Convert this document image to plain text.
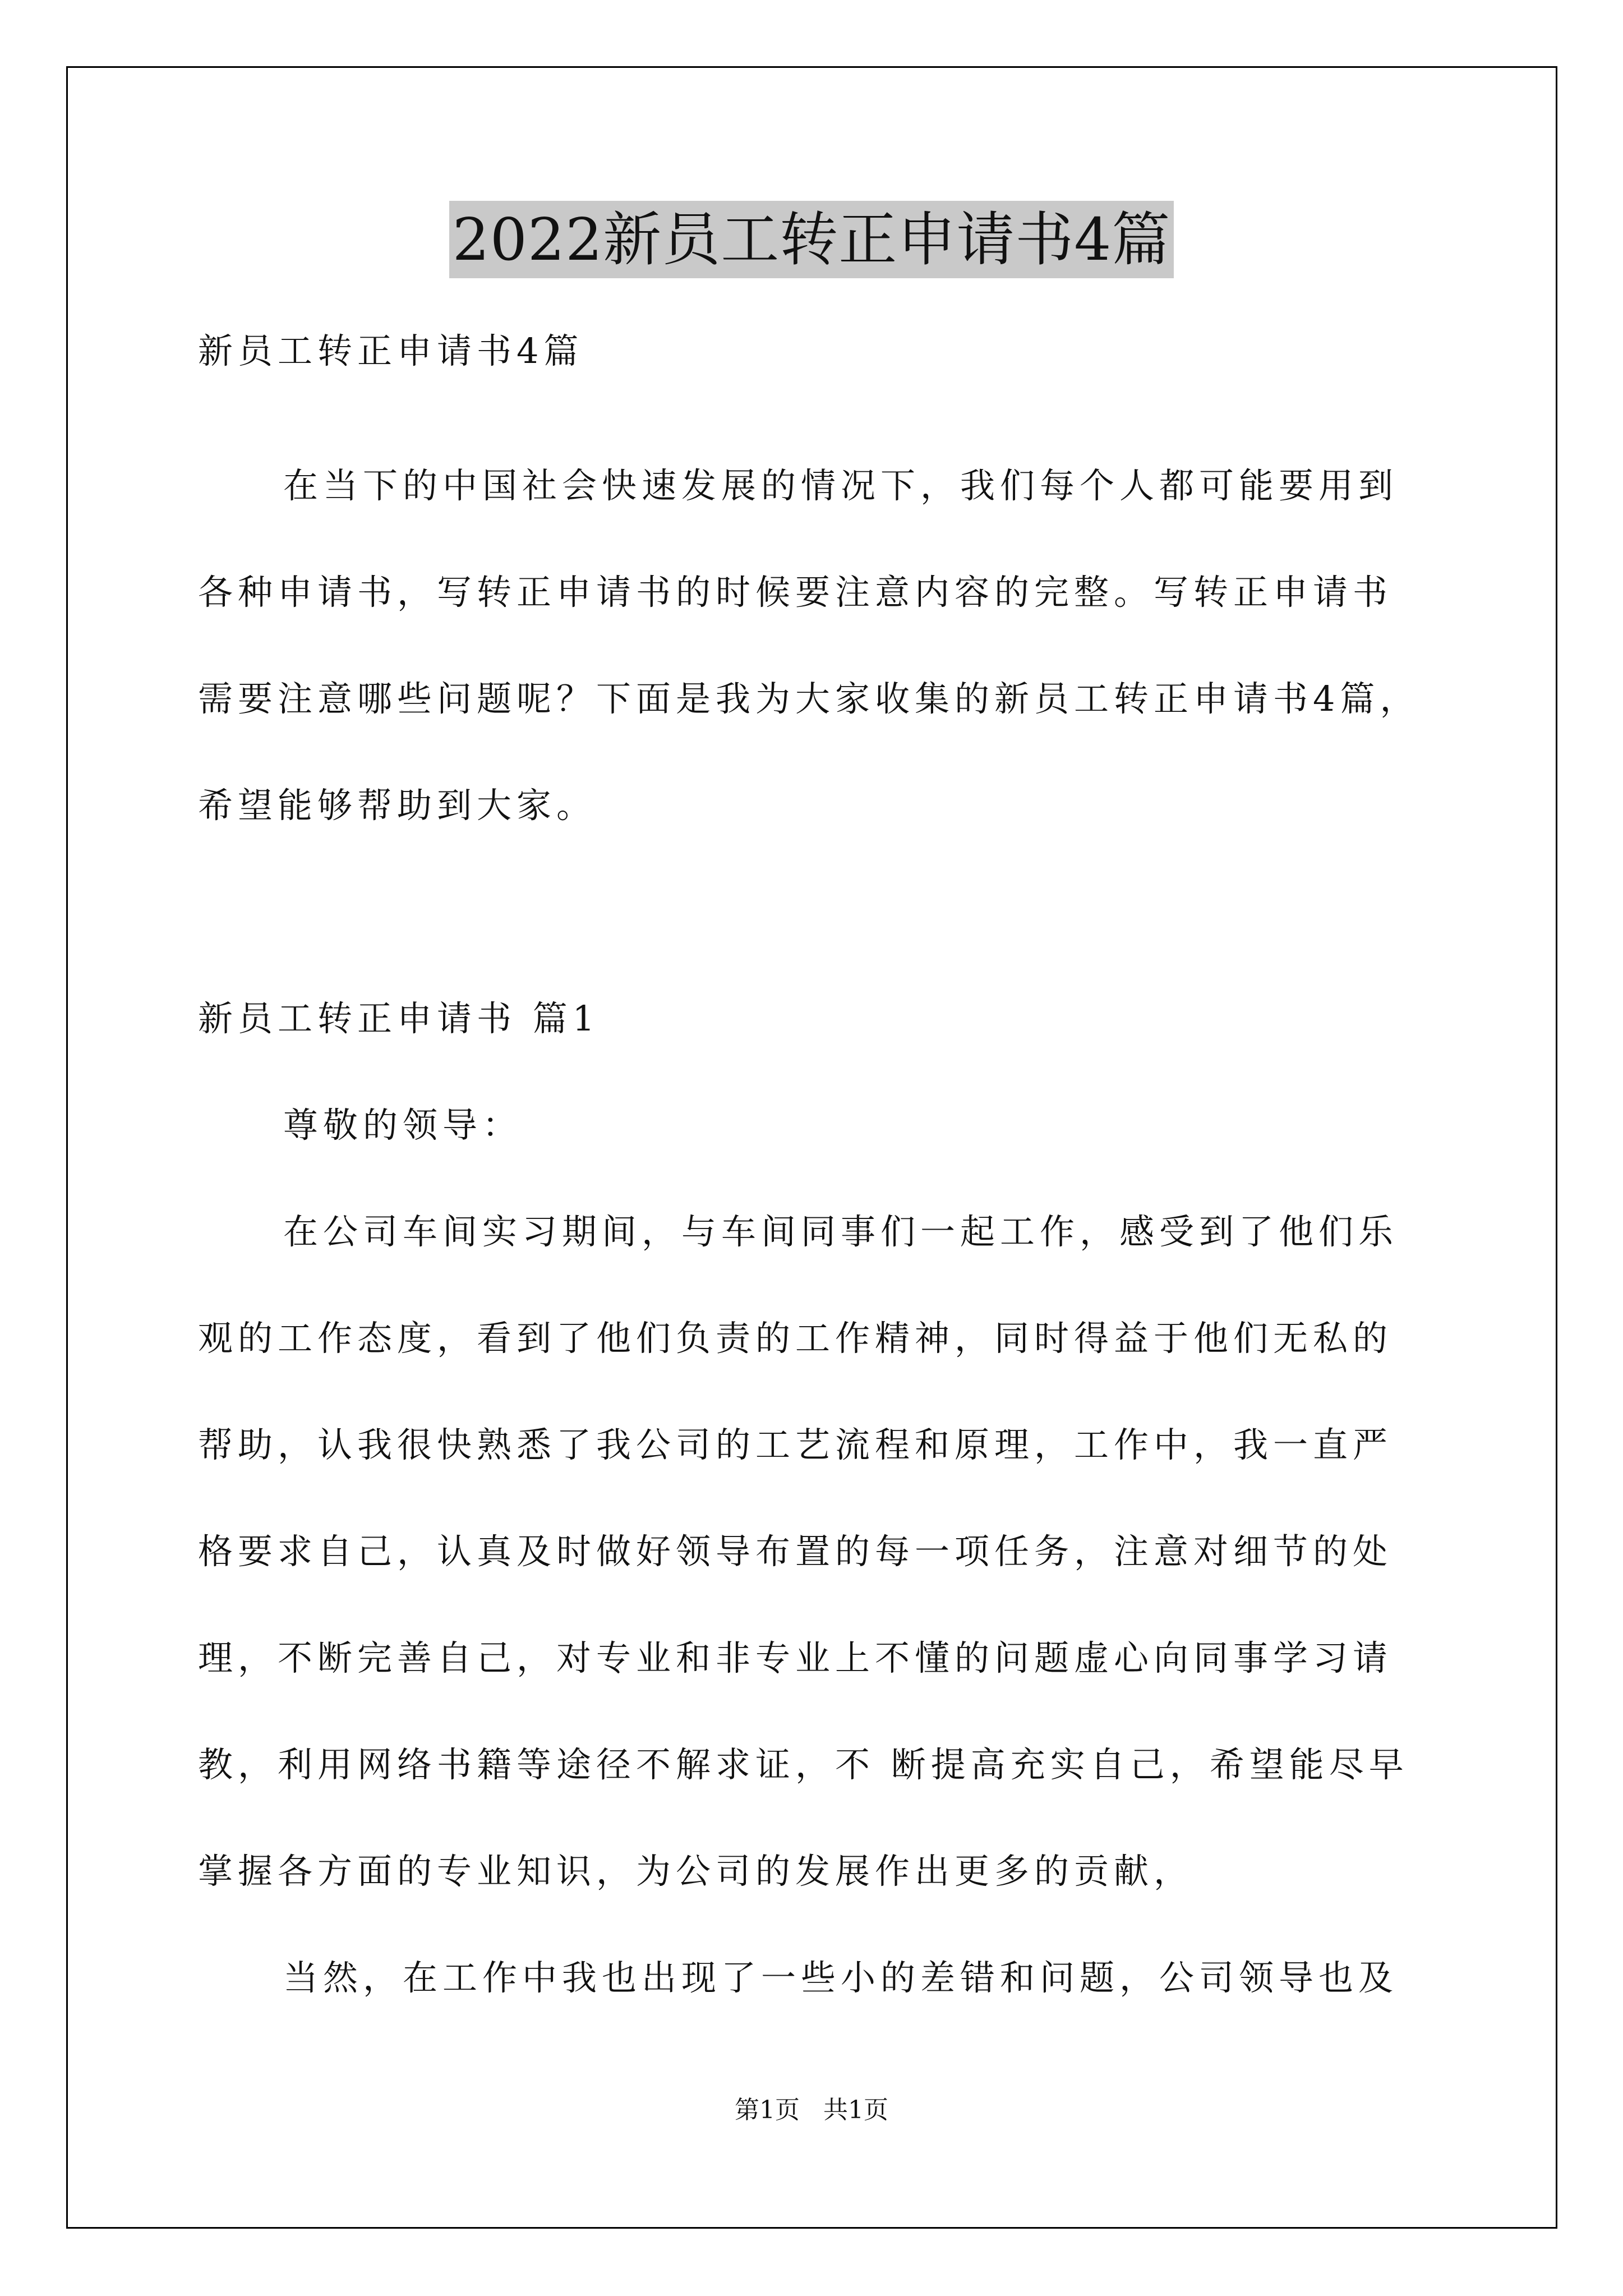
2022新员工转正申请书4篇
新员工转正申请书4篇
在当下的中国社会快速发展的情况下，我们每个人都可能要用到
各种申请书，写转正申请书的时候要注意内容的完整。写转正申请书
需要注意哪些问题呢？下面是我为大家收集的新员工转正申请书4篇，
希望能够帮助到大家。
新员工转正申请书 篇1
尊敬的领导：
在公司车间实习期间，与车间同事们一起工作，感受到了他们乐
观的工作态度，看到了他们负责的工作精神，同时得益于他们无私的
帮助，认我很快熟悉了我公司的工艺流程和原理，工作中，我一直严
格要求自己，认真及时做好领导布置的每一项任务，注意对细节的处
理，不断完善自己，对专业和非专业上不懂的问题虚心向同事学习请
教，利用网络书籍等途径不解求证，不 断提高充实自己，希望能尽早
掌握各方面的专业知识，为公司的发展作出更多的贡献，
当然，在工作中我也出现了一些小的差错和问题，公司领导也及
第1页   共1页
